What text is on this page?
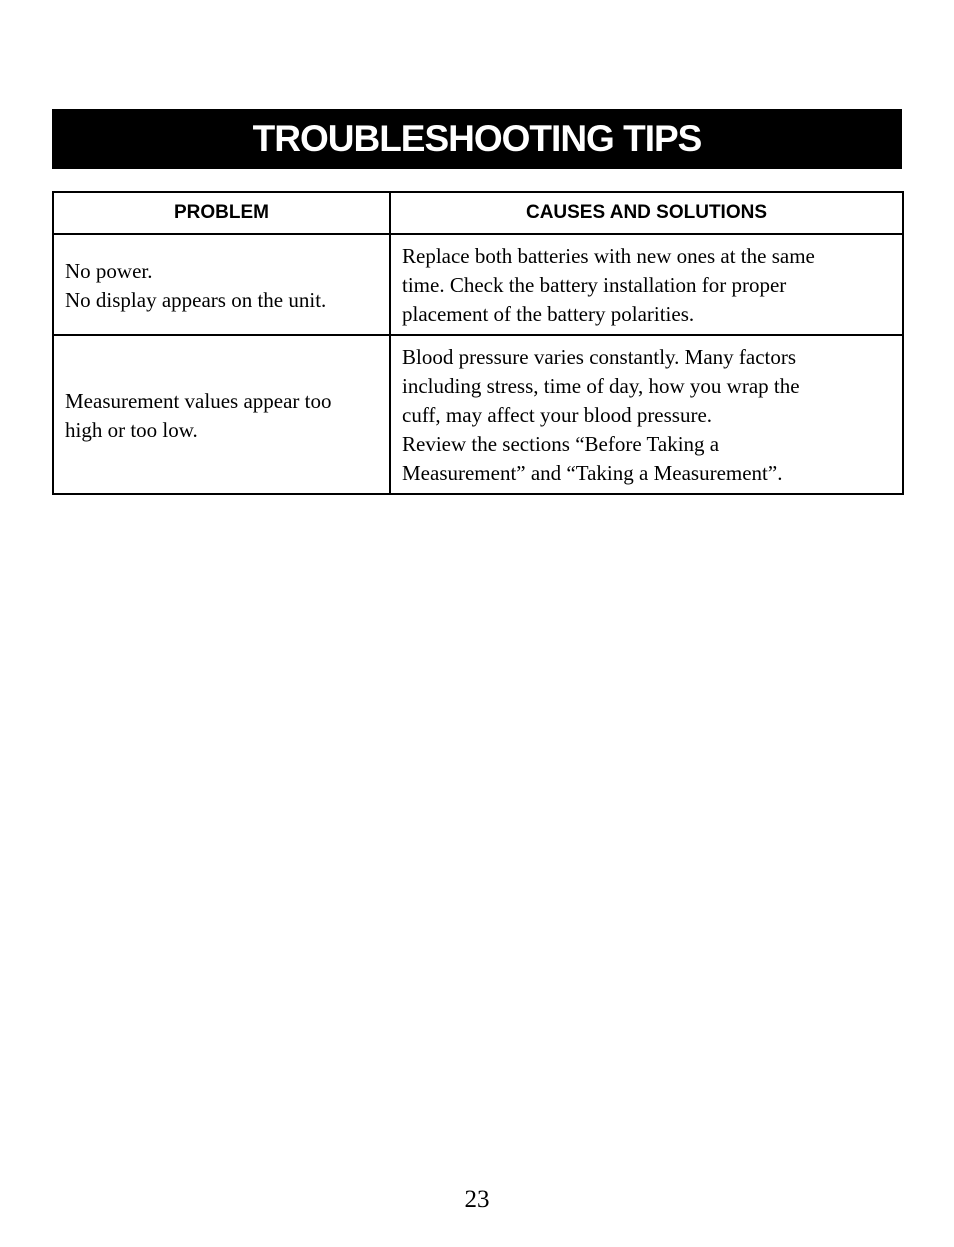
TROUBLESHOOTING TIPS
PROBLEM	CAUSES AND SOLUTIONS

No power.
No display appears on the unit.	Replace both batteries with new ones at the same
time. Check the battery installation for proper
placement of the battery polarities.

Measurement values appear too
high or too low.	Blood pressure varies constantly. Many factors
including stress, time of day, how you wrap the
cuff, may affect your blood pressure.
Review the sections “Before Taking a
Measurement” and “Taking a Measurement”.
23
